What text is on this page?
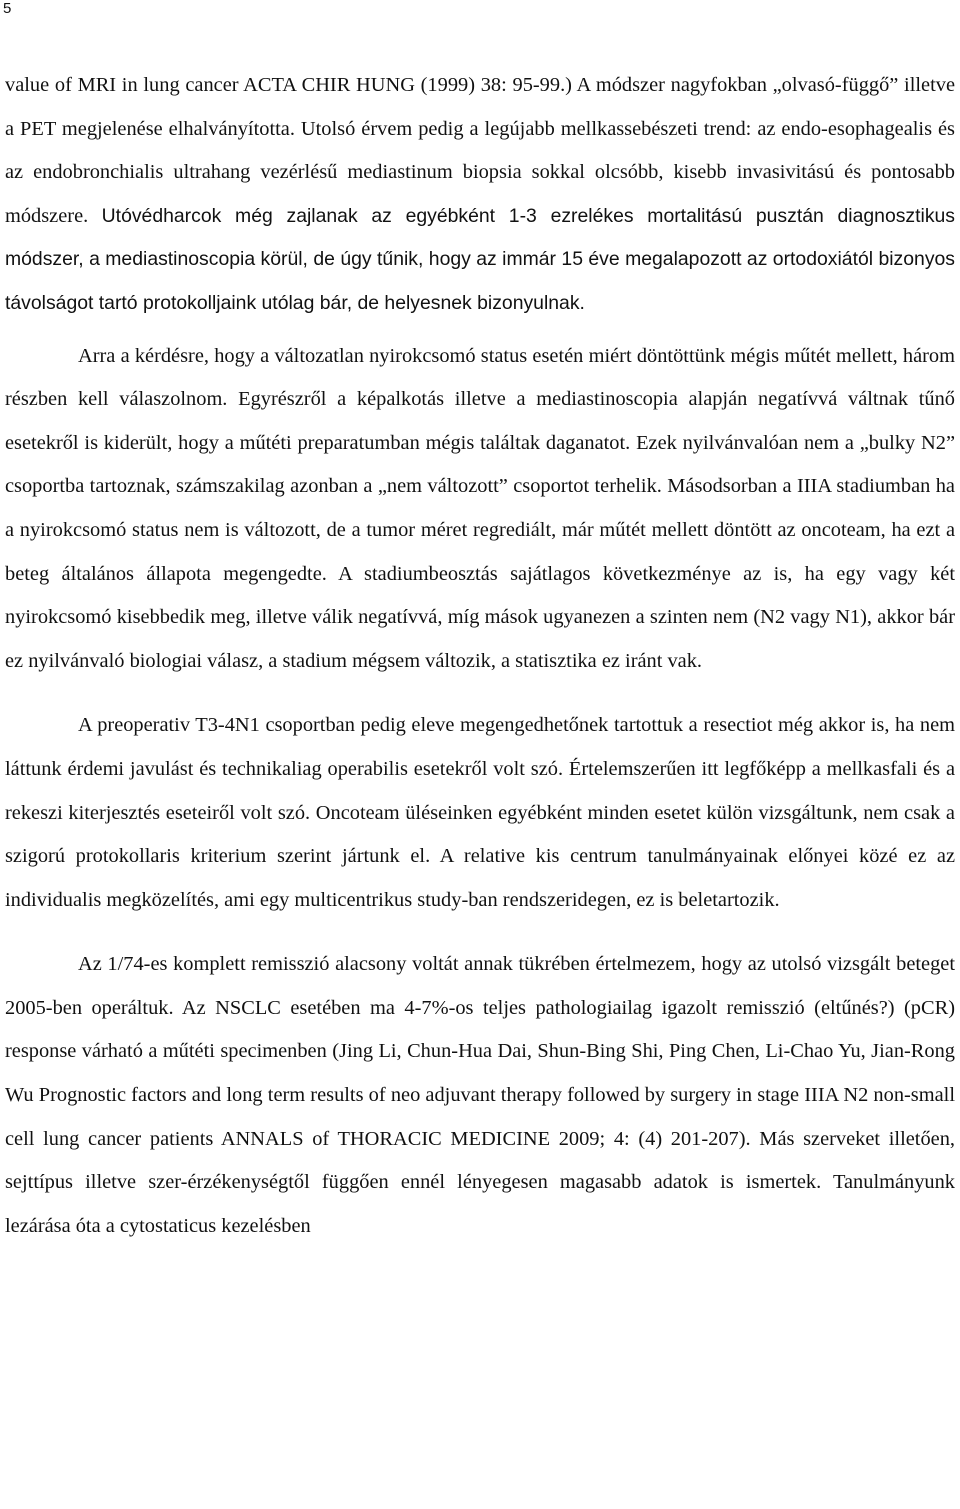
5

value of MRI in lung cancer ACTA CHIR HUNG (1999) 38: 95-99.) A módszer nagyfokban „olvasó-függő” illetve a PET megjelenése elhalványította. Utolsó érvem pedig a legújabb mellkassebészeti trend: az endo-esophagealis és az endobronchialis ultrahang vezérlésű mediastinum biopsia sokkal olcsóbb, kisebb invasivitású és pontosabb módszere. Utóvédharcok még zajlanak az egyébként 1-3 ezrelékes mortalitású pusztán diagnosztikus módszer, a mediastinoscopia körül, de úgy tűnik, hogy az immár 15 éve megalapozott az ortodoxiától bizonyos távolságot tartó protokolljaink utólag bár, de helyesnek bizonyulnak.

Arra a kérdésre, hogy a változatlan nyirokcsomó status esetén miért döntöttünk mégis műtét mellett, három részben kell válaszolnom. Egyrészről a képalkotás illetve a mediastinoscopia alapján negatívvá váltnak tűnő esetekről is kiderült, hogy a műtéti preparatumban mégis találtak daganatot. Ezek nyilvánvalóan nem a „bulky N2” csoportba tartoznak, számszakilag azonban a „nem változott” csoportot terhelik. Másodsorban a IIIA stadiumban ha a nyirokcsomó status nem is változott, de a tumor méret regrediált, már műtét mellett döntött az oncoteam, ha ezt a beteg általános állapota megengedte. A stadiumbeosztás sajátlagos következménye az is, ha egy vagy két nyirokcsomó kisebbedik meg, illetve válik negatívvá, míg mások ugyanezen a szinten nem (N2 vagy N1), akkor bár ez nyilvánvaló biologiai válasz, a stadium mégsem változik, a statisztika ez iránt vak.

A preoperativ T3-4N1 csoportban pedig eleve megengedhetőnek tartottuk a resectiot még akkor is, ha nem láttunk érdemi javulást és technikaliag operabilis esetekről volt szó. Értelemszerűen itt legfőképp a mellkasfali és a rekeszi kiterjesztés eseteiről volt szó. Oncoteam üléseinken egyébként minden esetet külön vizsgáltunk, nem csak a szigorú protokollaris kriterium szerint jártunk el. A relative kis centrum tanulmányainak előnyei közé ez az individualis megközelítés, ami egy multicentrikus study-ban rendszeridegen, ez is beletartozik.

Az 1/74-es komplett remisszió alacsony voltát annak tükrében értelmezem, hogy az utolsó vizsgált beteget 2005-ben operáltuk. Az NSCLC esetében ma 4-7%-os teljes pathologiailag igazolt remisszió (eltűnés?) (pCR) response várható a műtéti specimenben (Jing Li, Chun-Hua Dai, Shun-Bing Shi, Ping Chen, Li-Chao Yu, Jian-Rong Wu Prognostic factors and long term results of neo adjuvant therapy followed by surgery in stage IIIA N2 non-small cell lung cancer patients ANNALS of THORACIC MEDICINE 2009; 4: (4) 201-207). Más szerveket illetően, sejttípus illetve szer-érzékenységtől függően ennél lényegesen magasabb adatok is ismertek. Tanulmányunk lezárása óta a cytostaticus kezelésben
